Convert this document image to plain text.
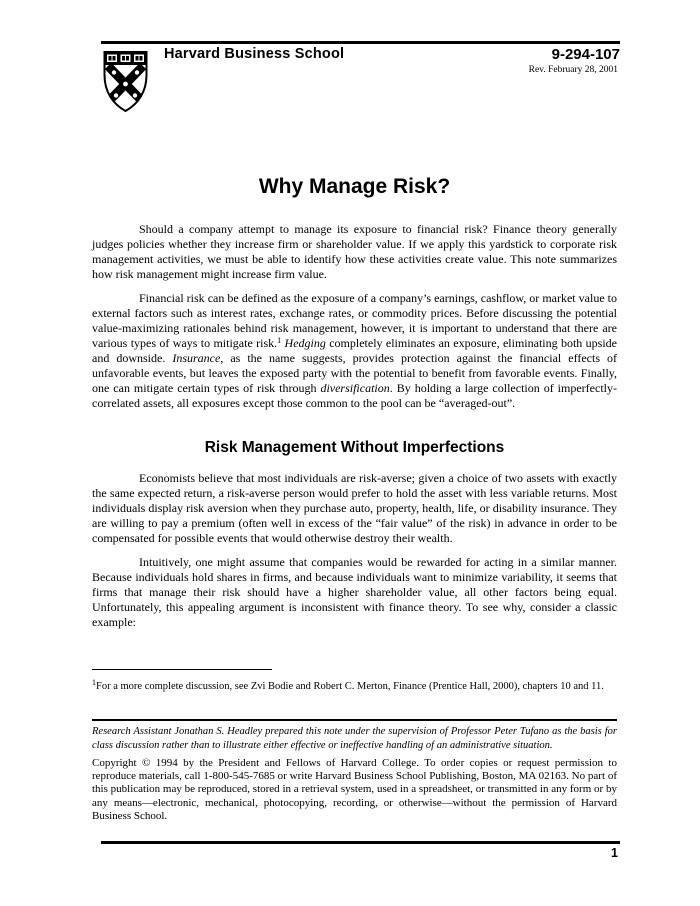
Harvard Business School	9-294-107
Rev. February 28, 2001
Why Manage Risk?

Should a company attempt to manage its exposure to financial risk? Finance theory generally judges policies whether they increase firm or shareholder value. If we apply this yardstick to corporate risk management activities, we must be able to identify how these activities create value. This note summarizes how risk management might increase firm value.

Financial risk can be defined as the exposure of a company’s earnings, cashflow, or market value to external factors such as interest rates, exchange rates, or commodity prices. Before discussing the potential value-maximizing rationales behind risk management, however, it is important to understand that there are various types of ways to mitigate risk.$^1$ Hedging completely eliminates an exposure, eliminating both upside and downside. Insurance, as the name suggests, provides protection against the financial effects of unfavorable events, but leaves the exposed party with the potential to benefit from favorable events. Finally, one can mitigate certain types of risk through diversification. By holding a large collection of imperfectly-correlated assets, all exposures except those common to the pool can be “averaged-out”.

Risk Management Without Imperfections

Economists believe that most individuals are risk-averse; given a choice of two assets with exactly the same expected return, a risk-averse person would prefer to hold the asset with less variable returns. Most individuals display risk aversion when they purchase auto, property, health, life, or disability insurance. They are willing to pay a premium (often well in excess of the “fair value” of the risk) in advance in order to be compensated for possible events that would otherwise destroy their wealth.

Intuitively, one might assume that companies would be rewarded for acting in a similar manner. Because individuals hold shares in firms, and because individuals want to minimize variability, it seems that firms that manage their risk should have a higher shareholder value, all other factors being equal. Unfortunately, this appealing argument is inconsistent with finance theory. To see why, consider a classic example:

$^1$For a more complete discussion, see Zvi Bodie and Robert C. Merton, Finance (Prentice Hall, 2000), chapters 10 and 11.
Research Assistant Jonathan S. Headley prepared this note under the supervision of Professor Peter Tufano as the basis for class discussion rather than to illustrate either effective or ineffective handling of an administrative situation.
Copyright © 1994 by the President and Fellows of Harvard College. To order copies or request permission to reproduce materials, call 1-800-545-7685 or write Harvard Business School Publishing, Boston, MA 02163. No part of this publication may be reproduced, stored in a retrieval system, used in a spreadsheet, or transmitted in any form or by any means—electronic, mechanical, photocopying, recording, or otherwise—without the permission of Harvard Business School.
1
